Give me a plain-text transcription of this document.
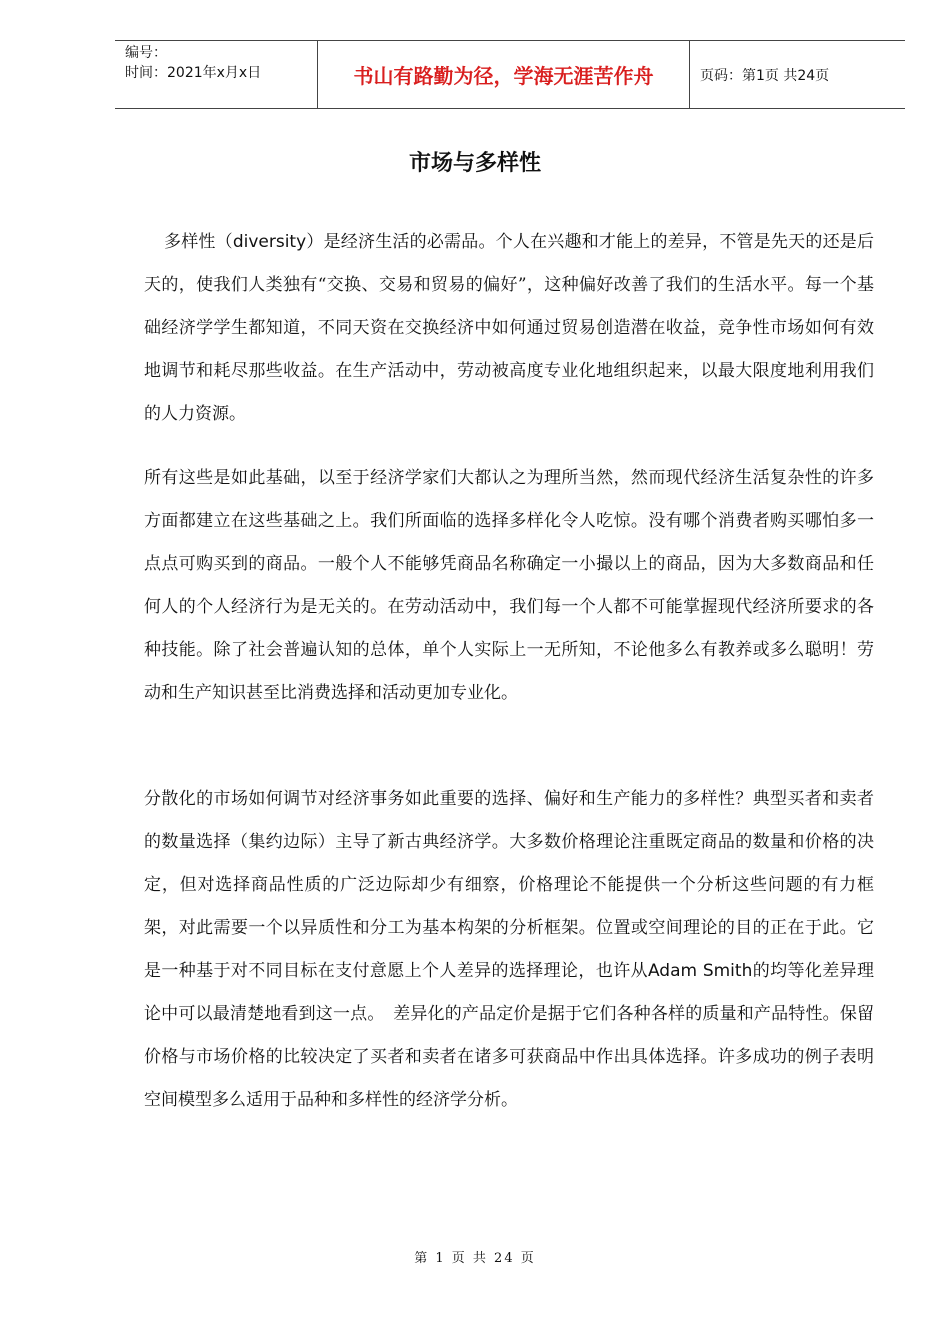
编号：
时间：2021年x月x日	书山有路勤为径，学海无涯苦作舟	页码：第1页 共24页
市场与多样性

多样性（diversity）是经济生活的必需品。个人在兴趣和才能上的差异，不管是先天的还是后天的，使我们人类独有“交换、交易和贸易的偏好”，这种偏好改善了我们的生活水平。每一个基础经济学学生都知道，不同天资在交换经济中如何通过贸易创造潜在收益，竞争性市场如何有效地调节和耗尽那些收益。在生产活动中，劳动被高度专业化地组织起来，以最大限度地利用我们的人力资源。

所有这些是如此基础，以至于经济学家们大都认之为理所当然，然而现代经济生活复杂性的许多方面都建立在这些基础之上。我们所面临的选择多样化令人吃惊。没有哪个消费者购买哪怕多一点点可购买到的商品。一般个人不能够凭商品名称确定一小撮以上的商品，因为大多数商品和任何人的个人经济行为是无关的。在劳动活动中，我们每一个人都不可能掌握现代经济所要求的各种技能。除了社会普遍认知的总体，单个人实际上一无所知，不论他多么有教养或多么聪明！劳动和生产知识甚至比消费选择和活动更加专业化。

分散化的市场如何调节对经济事务如此重要的选择、偏好和生产能力的多样性？典型买者和卖者的数量选择（集约边际）主导了新古典经济学。大多数价格理论注重既定商品的数量和价格的决定，但对选择商品性质的广泛边际却少有细察，价格理论不能提供一个分析这些问题的有力框架，对此需要一个以异质性和分工为基本构架的分析框架。位置或空间理论的目的正在于此。它是一种基于对不同目标在支付意愿上个人差异的选择理论，也许从Adam Smith的均等化差异理论中可以最清楚地看到这一点。　差异化的产品定价是据于它们各种各样的质量和产品特性。保留价格与市场价格的比较决定了买者和卖者在诸多可获商品中作出具体选择。许多成功的例子表明空间模型多么适用于品种和多样性的经济学分析。

第 1 页 共 24 页
